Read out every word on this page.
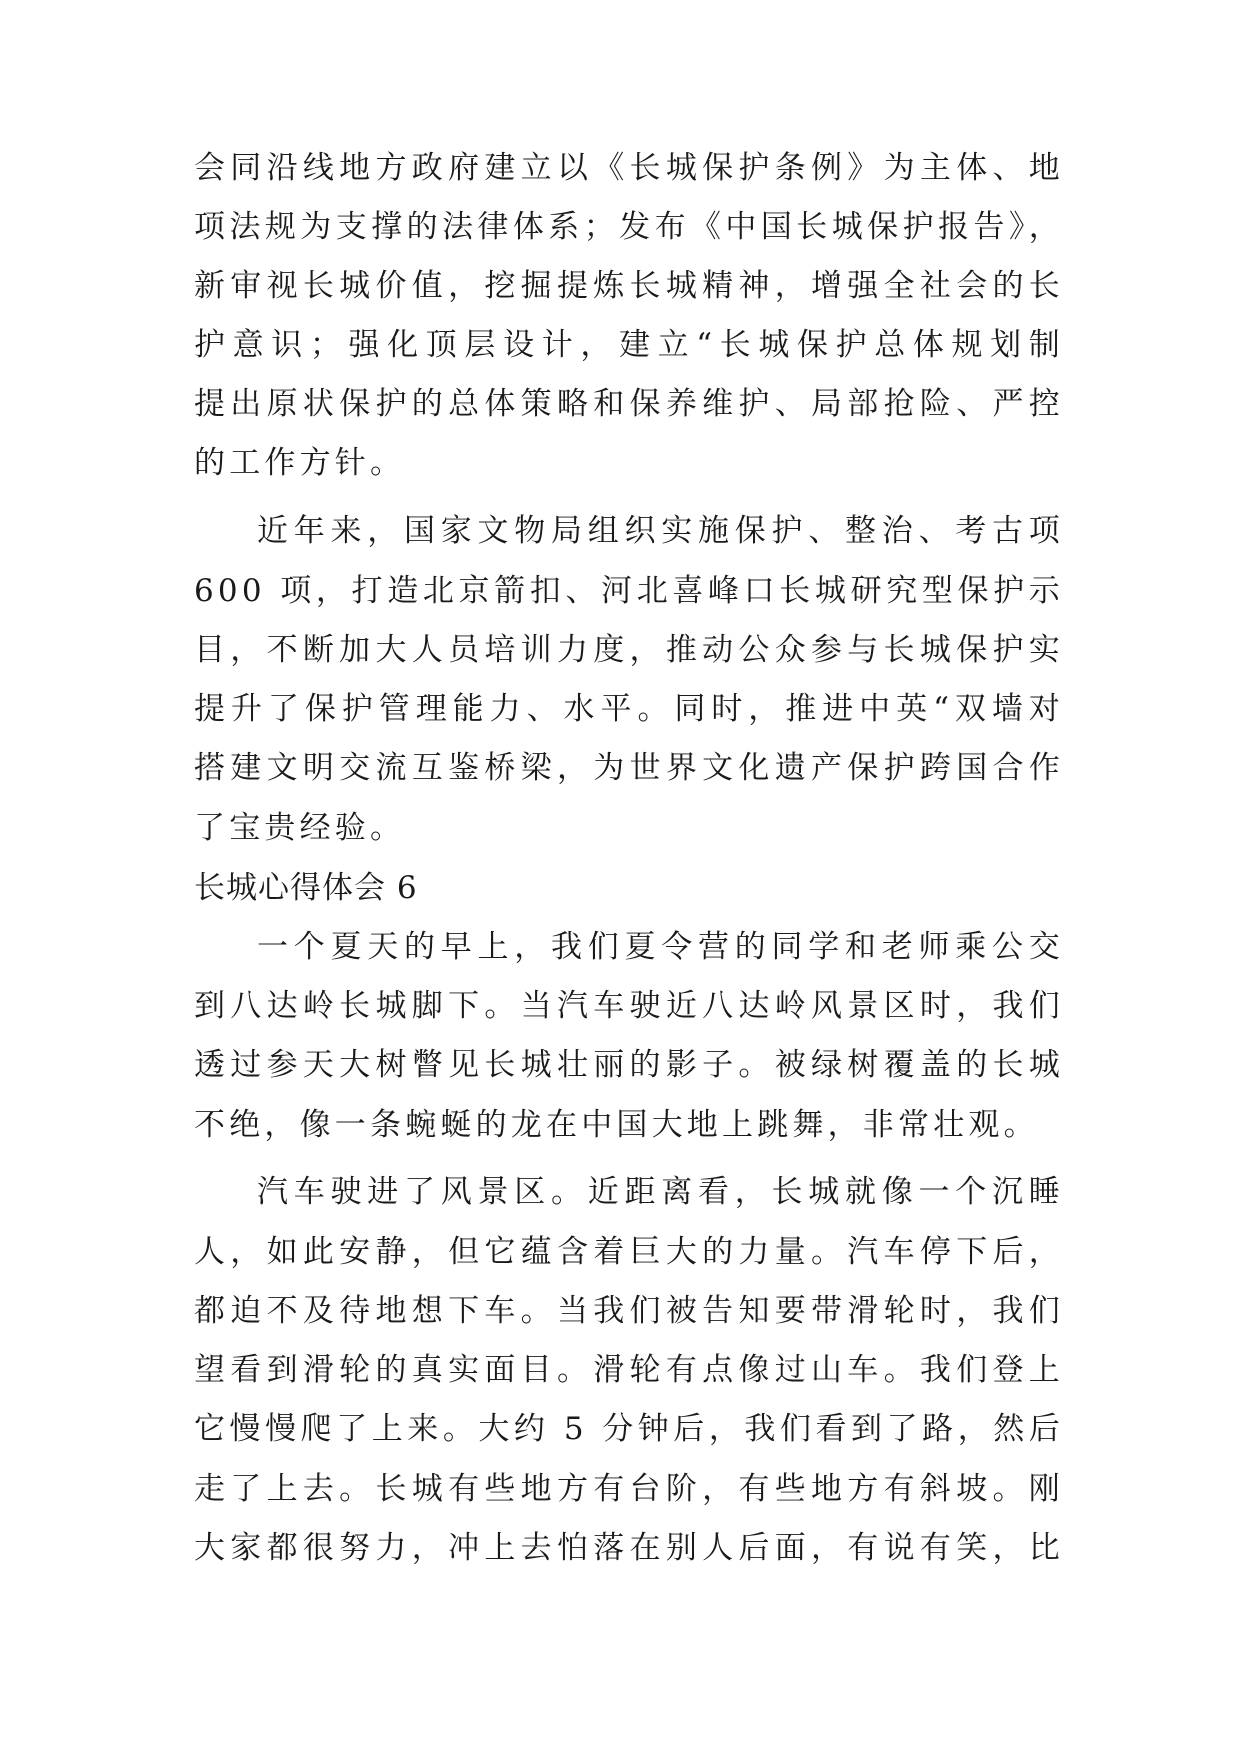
会同沿线地方政府建立以《长城保护条例》为主体、地
项法规为支撑的法律体系；发布《中国长城保护报告》，
新审视长城价值，挖掘提炼长城精神，增强全社会的长
护意识；强化顶层设计，建立“长城保护总体规划制
提出原状保护的总体策略和保养维护、局部抢险、严控
的工作方针。
近年来，国家文物局组织实施保护、整治、考古项
600 项，打造北京箭扣、河北喜峰口长城研究型保护示
目，不断加大人员培训力度，推动公众参与长城保护实
提升了保护管理能力、水平。同时，推进中英“双墙对
搭建文明交流互鉴桥梁，为世界文化遗产保护跨国合作
了宝贵经验。
长城心得体会 6
一个夏天的早上，我们夏令营的同学和老师乘公交
到八达岭长城脚下。当汽车驶近八达岭风景区时，我们
透过参天大树瞥见长城壮丽的影子。被绿树覆盖的长城
不绝，像一条蜿蜒的龙在中国大地上跳舞，非常壮观。
汽车驶进了风景区。近距离看，长城就像一个沉睡
人，如此安静，但它蕴含着巨大的力量。汽车停下后，
都迫不及待地想下车。当我们被告知要带滑轮时，我们
望看到滑轮的真实面目。滑轮有点像过山车。我们登上
它慢慢爬了上来。大约 5 分钟后，我们看到了路，然后
走了上去。长城有些地方有台阶，有些地方有斜坡。刚
大家都很努力，冲上去怕落在别人后面，有说有笑，比
